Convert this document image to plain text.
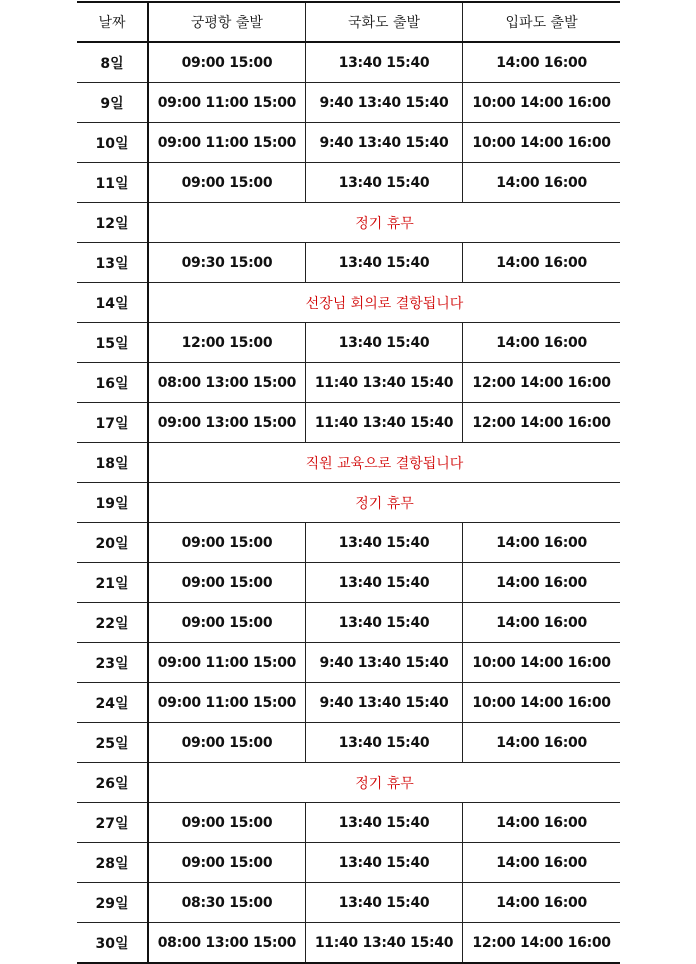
날짜	궁평항 출발	국화도 출발	입파도 출발
8일	09:00 15:00	13:40 15:40	14:00 16:00
9일	09:00 11:00 15:00	9:40 13:40 15:40	10:00 14:00 16:00
10일	09:00 11:00 15:00	9:40 13:40 15:40	10:00 14:00 16:00
11일	09:00 15:00	13:40 15:40	14:00 16:00
12일	정기 휴무		
13일	09:30 15:00	13:40 15:40	14:00 16:00
14일	선장님 회의로 결항됩니다		
15일	12:00 15:00	13:40 15:40	14:00 16:00
16일	08:00 13:00 15:00	11:40 13:40 15:40	12:00 14:00 16:00
17일	09:00 13:00 15:00	11:40 13:40 15:40	12:00 14:00 16:00
18일	직원 교육으로 결항됩니다		
19일	정기 휴무		
20일	09:00 15:00	13:40 15:40	14:00 16:00
21일	09:00 15:00	13:40 15:40	14:00 16:00
22일	09:00 15:00	13:40 15:40	14:00 16:00
23일	09:00 11:00 15:00	9:40 13:40 15:40	10:00 14:00 16:00
24일	09:00 11:00 15:00	9:40 13:40 15:40	10:00 14:00 16:00
25일	09:00 15:00	13:40 15:40	14:00 16:00
26일	정기 휴무		
27일	09:00 15:00	13:40 15:40	14:00 16:00
28일	09:00 15:00	13:40 15:40	14:00 16:00
29일	08:30 15:00	13:40 15:40	14:00 16:00
30일	08:00 13:00 15:00	11:40 13:40 15:40	12:00 14:00 16:00
